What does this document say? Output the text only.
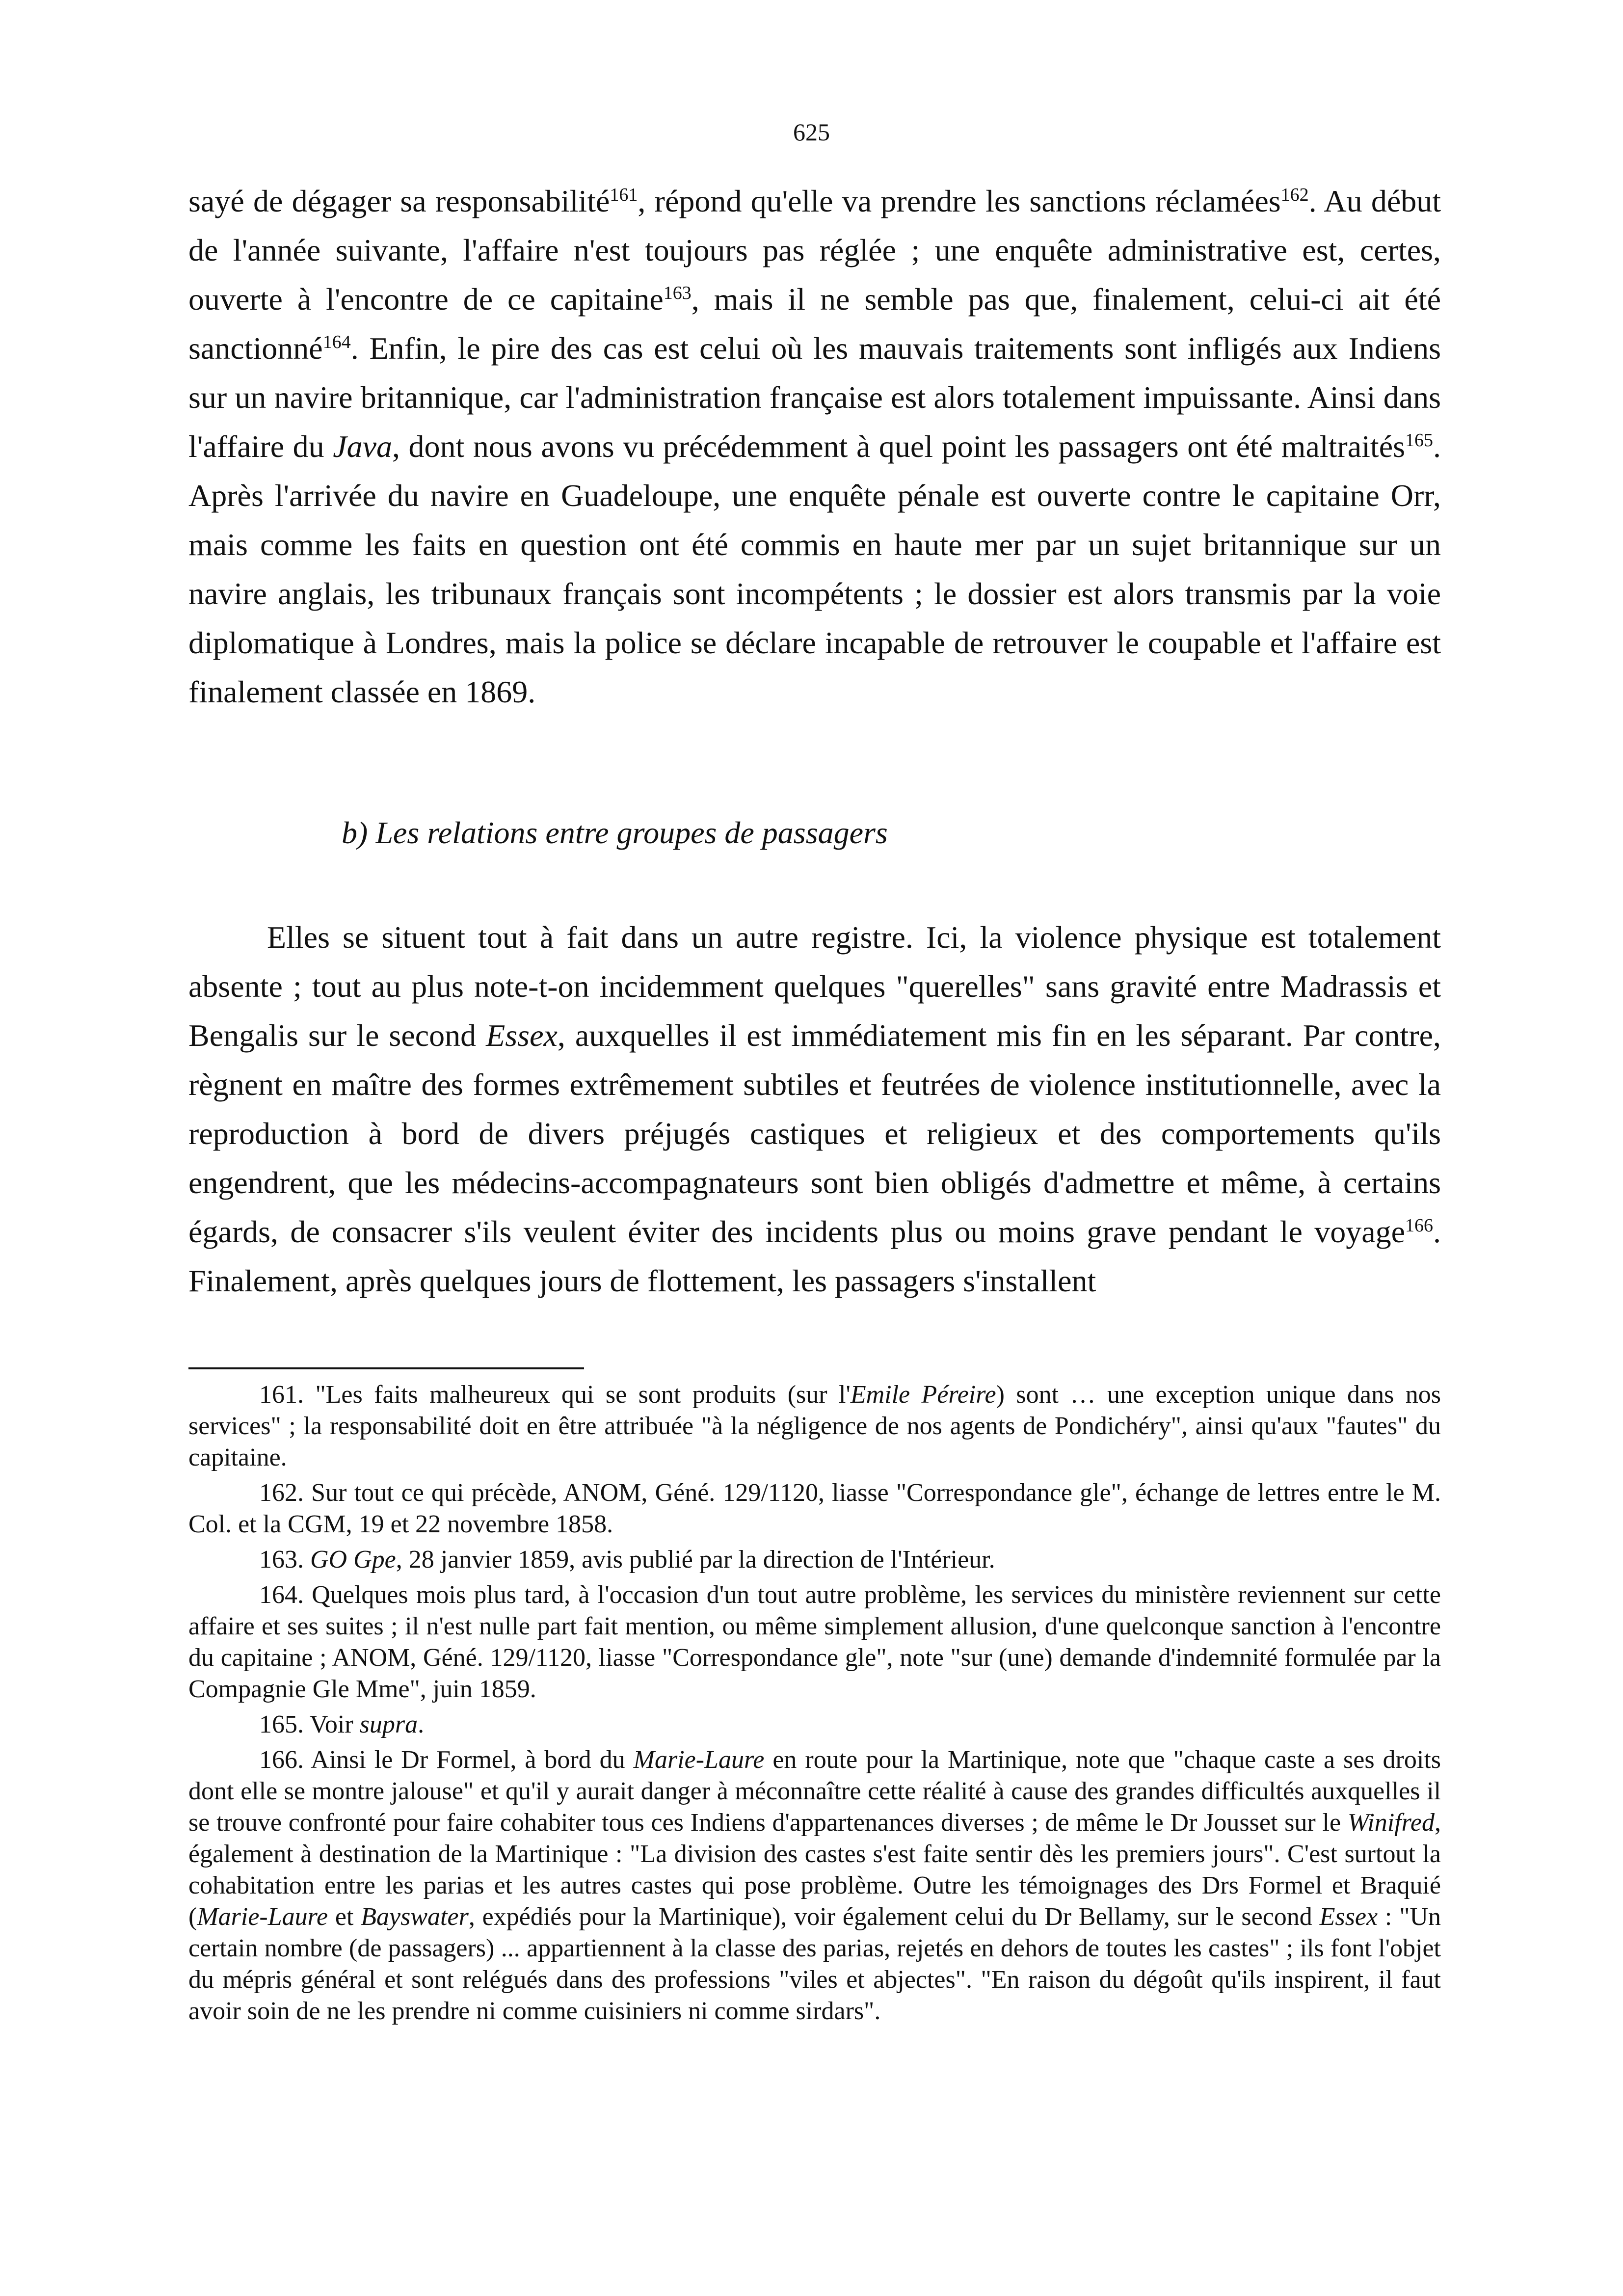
625

sayé de dégager sa responsabilité$^{161}$, répond qu'elle va prendre les sanctions réclamées$^{162}$. Au début de l'année suivante, l'affaire n'est toujours pas réglée ; une enquête administrative est, certes, ouverte à l'encontre de ce capitaine$^{163}$, mais il ne semble pas que, finalement, celui-ci ait été sanctionné$^{164}$. Enfin, le pire des cas est celui où les mauvais traitements sont infligés aux Indiens sur un navire britannique, car l'administration française est alors totalement impuissante. Ainsi dans l'affaire du Java, dont nous avons vu précédemment à quel point les passagers ont été maltraités$^{165}$. Après l'arrivée du navire en Guadeloupe, une enquête pénale est ouverte contre le capitaine Orr, mais comme les faits en question ont été commis en haute mer par un sujet britannique sur un navire anglais, les tribunaux français sont incompétents ; le dossier est alors transmis par la voie diplomatique à Londres, mais la police se déclare incapable de retrouver le coupable et l'affaire est finalement classée en 1869.

b) Les relations entre groupes de passagers

Elles se situent tout à fait dans un autre registre. Ici, la violence physique est totalement absente ; tout au plus note-t-on incidemment quelques "querelles" sans gravité entre Madrassis et Bengalis sur le second Essex, auxquelles il est immédiatement mis fin en les séparant. Par contre, règnent en maître des formes extrêmement subtiles et feutrées de violence institutionnelle, avec la reproduction à bord de divers préjugés castiques et religieux et des comportements qu'ils engendrent, que les médecins-accompagnateurs sont bien obligés d'admettre et même, à certains égards, de consacrer s'ils veulent éviter des incidents plus ou moins grave pendant le voyage$^{166}$. Finalement, après quelques jours de flottement, les passagers s'installent

161. "Les faits malheureux qui se sont produits (sur l'Emile Péreire) sont … une exception unique dans nos services" ; la responsabilité doit en être attribuée "à la négligence de nos agents de Pondichéry", ainsi qu'aux "fautes" du capitaine.

162. Sur tout ce qui précède, ANOM, Géné. 129/1120, liasse "Correspondance gle", échange de lettres entre le M. Col. et la CGM, 19 et 22 novembre 1858.

163. GO Gpe, 28 janvier 1859, avis publié par la direction de l'Intérieur.

164. Quelques mois plus tard, à l'occasion d'un tout autre problème, les services du ministère reviennent sur cette affaire et ses suites ; il n'est nulle part fait mention, ou même simplement allusion, d'une quelconque sanction à l'encontre du capitaine ; ANOM, Géné. 129/1120, liasse "Correspondance gle", note "sur (une) demande d'indemnité formulée par la Compagnie Gle Mme", juin 1859.

165. Voir supra.

166. Ainsi le Dr Formel, à bord du Marie-Laure en route pour la Martinique, note que "chaque caste a ses droits dont elle se montre jalouse" et qu'il y aurait danger à méconnaître cette réalité à cause des grandes difficultés auxquelles il se trouve confronté pour faire cohabiter tous ces Indiens d'appartenances diverses ; de même le Dr Jousset sur le Winifred, également à destination de la Martinique : "La division des castes s'est faite sentir dès les premiers jours". C'est surtout la cohabitation entre les parias et les autres castes qui pose problème. Outre les témoignages des Drs Formel et Braquié (Marie-Laure et Bayswater, expédiés pour la Martinique), voir également celui du Dr Bellamy, sur le second Essex : "Un certain nombre (de passagers) ... appartiennent à la classe des parias, rejetés en dehors de toutes les castes" ; ils font l'objet du mépris général et sont relégués dans des professions "viles et abjectes". "En raison du dégoût qu'ils inspirent, il faut avoir soin de ne les prendre ni comme cuisiniers ni comme sirdars".
